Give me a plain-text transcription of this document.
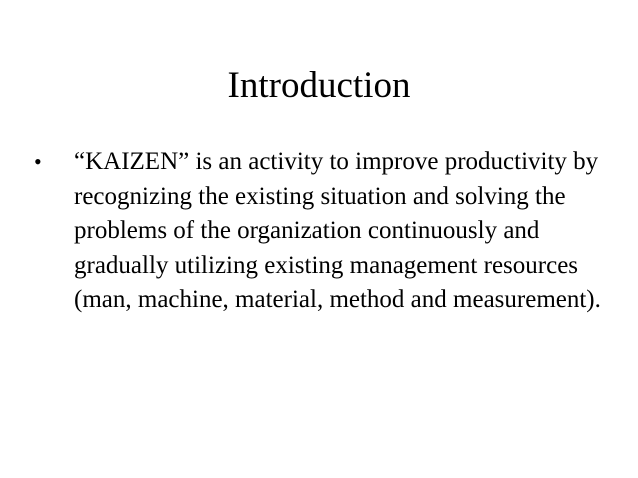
Introduction
• “KAIZEN” is an activity to improve productivity by recognizing the existing situation and solving the problems of the organization continuously and gradually utilizing existing management resources (man, machine, material, method and measurement).
